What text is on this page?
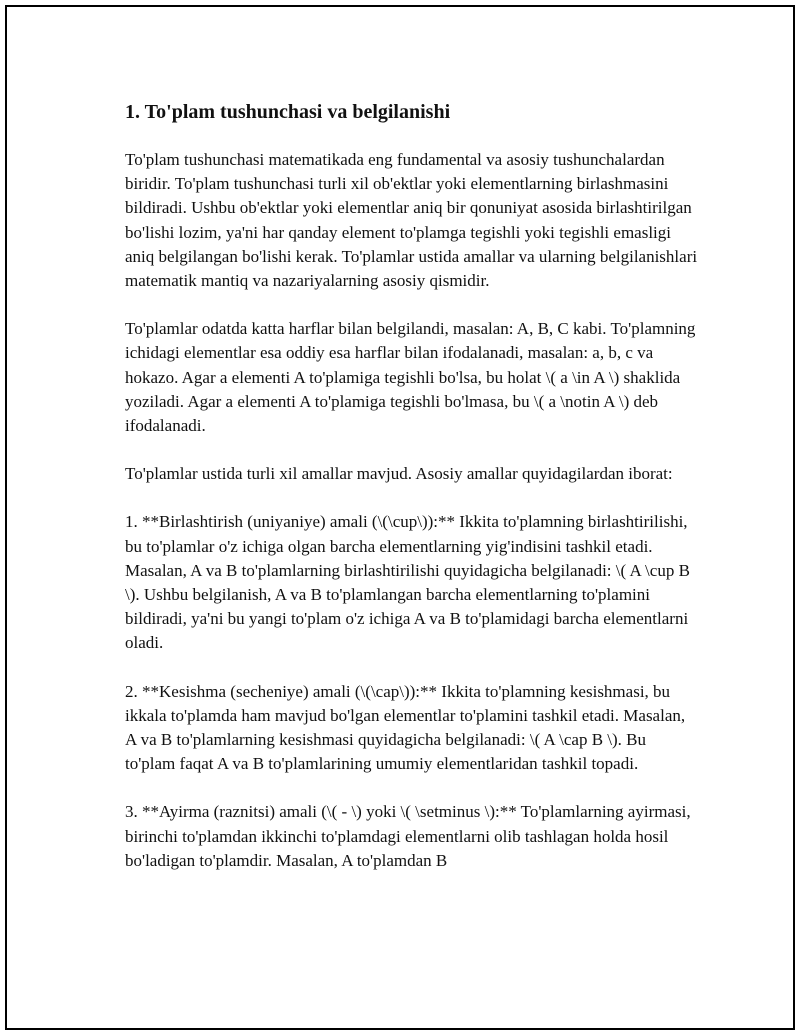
1. To'plam tushunchasi va belgilanishi

To'plam tushunchasi matematikada eng fundamental va asosiy tushunchalardan biridir. To'plam tushunchasi turli xil ob'ektlar yoki elementlarning birlashmasini bildiradi. Ushbu ob'ektlar yoki elementlar aniq bir qonuniyat asosida birlashtirilgan bo'lishi lozim, ya'ni har qanday element to'plamga tegishli yoki tegishli emasligi aniq belgilangan bo'lishi kerak. To'plamlar ustida amallar va ularning belgilanishlari matematik mantiq va nazariyalarning asosiy qismidir.

To'plamlar odatda katta harflar bilan belgilandi, masalan: A, B, C kabi. To'plamning ichidagi elementlar esa oddiy esa harflar bilan ifodalanadi, masalan: a, b, c va hokazo. Agar a elementi A to'plamiga tegishli bo'lsa, bu holat \( a \in A \) shaklida yoziladi. Agar a elementi A to'plamiga tegishli bo'lmasa, bu \( a \notin A \) deb ifodalanadi.

To'plamlar ustida turli xil amallar mavjud. Asosiy amallar quyidagilardan iborat:

1. **Birlashtirish (uniyaniye) amali (\(\cup\)):** Ikkita to'plamning birlashtirilishi, bu to'plamlar o'z ichiga olgan barcha elementlarning yig'indisini tashkil etadi. Masalan, A va B to'plamlarning birlashtirilishi quyidagicha belgilanadi: \( A \cup B \). Ushbu belgilanish, A va B to'plamlangan barcha elementlarning to'plamini bildiradi, ya'ni bu yangi to'plam o'z ichiga A va B to'plamidagi barcha elementlarni oladi.

2. **Kesishma (secheniye) amali (\(\cap\)):** Ikkita to'plamning kesishmasi, bu ikkala to'plamda ham mavjud bo'lgan elementlar to'plamini tashkil etadi. Masalan, A va B to'plamlarning kesishmasi quyidagicha belgilanadi: \( A \cap B \). Bu to'plam faqat A va B to'plamlarining umumiy elementlaridan tashkil topadi.

3. **Ayirma (raznitsi) amali (\( - \) yoki \( \setminus \):** To'plamlarning ayirmasi, birinchi to'plamdan ikkinchi to'plamdagi elementlarni olib tashlagan holda hosil bo'ladigan to'plamdir. Masalan, A to'plamdan B
